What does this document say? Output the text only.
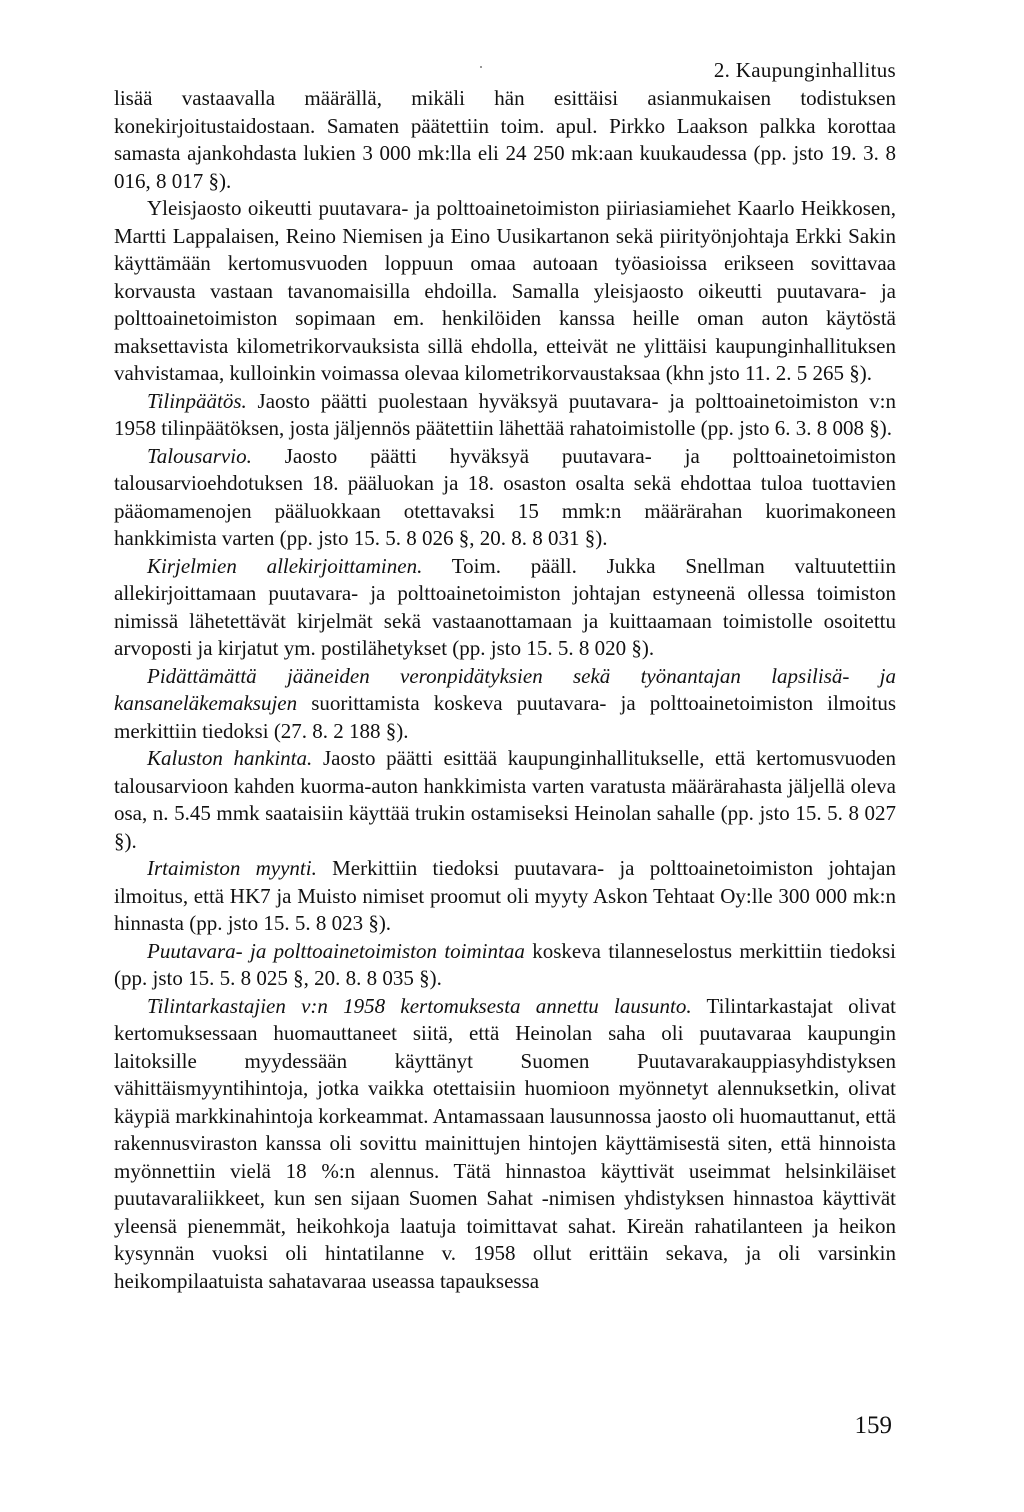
2. Kaupunginhallitus

lisää vastaavalla määrällä, mikäli hän esittäisi asianmukaisen todistuksen konekirjoitustaidostaan. Samaten päätettiin toim. apul. Pirkko Laakson palkka korottaa samasta ajankohdasta lukien 3 000 mk:lla eli 24 250 mk:aan kuukaudessa (pp. jsto 19. 3. 8 016, 8 017 §).

Yleisjaosto oikeutti puutavara- ja polttoainetoimiston piiriasiamiehet Kaarlo Heikkosen, Martti Lappalaisen, Reino Niemisen ja Eino Uusikartanon sekä piirityönjohtaja Erkki Sakin käyttämään kertomusvuoden loppuun omaa autoaan työasioissa erikseen sovittavaa korvausta vastaan tavanomaisilla ehdoilla. Samalla yleisjaosto oikeutti puutavara- ja polttoainetoimiston sopimaan em. henkilöiden kanssa heille oman auton käytöstä maksettavista kilometrikorvauksista sillä ehdolla, etteivät ne ylittäisi kaupunginhallituksen vahvistamaa, kulloinkin voimassa olevaa kilometrikorvaustaksaa (khn jsto 11. 2. 5 265 §).

Tilinpäätös. Jaosto päätti puolestaan hyväksyä puutavara- ja polttoainetoimiston v:n 1958 tilinpäätöksen, josta jäljennös päätettiin lähettää rahatoimistolle (pp. jsto 6. 3. 8 008 §).

Talousarvio. Jaosto päätti hyväksyä puutavara- ja polttoainetoimiston talousarvioehdotuksen 18. pääluokan ja 18. osaston osalta sekä ehdottaa tuloa tuottavien pääomamenojen pääluokkaan otettavaksi 15 mmk:n määrärahan kuorimakoneen hankkimista varten (pp. jsto 15. 5. 8 026 §, 20. 8. 8 031 §).

Kirjelmien allekirjoittaminen. Toim. pääll. Jukka Snellman valtuutettiin allekirjoittamaan puutavara- ja polttoainetoimiston johtajan estyneenä ollessa toimiston nimissä lähetettävät kirjelmät sekä vastaanottamaan ja kuittaamaan toimistolle osoitettu arvoposti ja kirjatut ym. postilähetykset (pp. jsto 15. 5. 8 020 §).

Pidättämättä jääneiden veronpidätyksien sekä työnantajan lapsilisä- ja kansaneläkemaksujen suorittamista koskeva puutavara- ja polttoainetoimiston ilmoitus merkittiin tiedoksi (27. 8. 2 188 §).

Kaluston hankinta. Jaosto päätti esittää kaupunginhallitukselle, että kertomusvuoden talousarvioon kahden kuorma-auton hankkimista varten varatusta määrärahasta jäljellä oleva osa, n. 5.45 mmk saataisiin käyttää trukin ostamiseksi Heinolan sahalle (pp. jsto 15. 5. 8 027 §).

Irtaimiston myynti. Merkittiin tiedoksi puutavara- ja polttoainetoimiston johtajan ilmoitus, että HK7 ja Muisto nimiset proomut oli myyty Askon Tehtaat Oy:lle 300 000 mk:n hinnasta (pp. jsto 15. 5. 8 023 §).

Puutavara- ja polttoainetoimiston toimintaa koskeva tilanneselostus merkittiin tiedoksi (pp. jsto 15. 5. 8 025 §, 20. 8. 8 035 §).

Tilintarkastajien v:n 1958 kertomuksesta annettu lausunto. Tilintarkastajat olivat kertomuksessaan huomauttaneet siitä, että Heinolan saha oli puutavaraa kaupungin laitoksille myydessään käyttänyt Suomen Puutavarakauppiasyhdistyksen vähittäismyyntihintoja, jotka vaikka otettaisiin huomioon myönnetyt alennuksetkin, olivat käypiä markkinahintoja korkeammat. Antamassaan lausunnossa jaosto oli huomauttanut, että rakennusviraston kanssa oli sovittu mainittujen hintojen käyttämisestä siten, että hinnoista myönnettiin vielä 18 %:n alennus. Tätä hinnastoa käyttivät useimmat helsinkiläiset puutavaraliikkeet, kun sen sijaan Suomen Sahat -nimisen yhdistyksen hinnastoa käyttivät yleensä pienemmät, heikohkoja laatuja toimittavat sahat. Kireän rahatilanteen ja heikon kysynnän vuoksi oli hintatilanne v. 1958 ollut erittäin sekava, ja oli varsinkin heikompilaatuista sahatavaraa useassa tapauksessa

159
